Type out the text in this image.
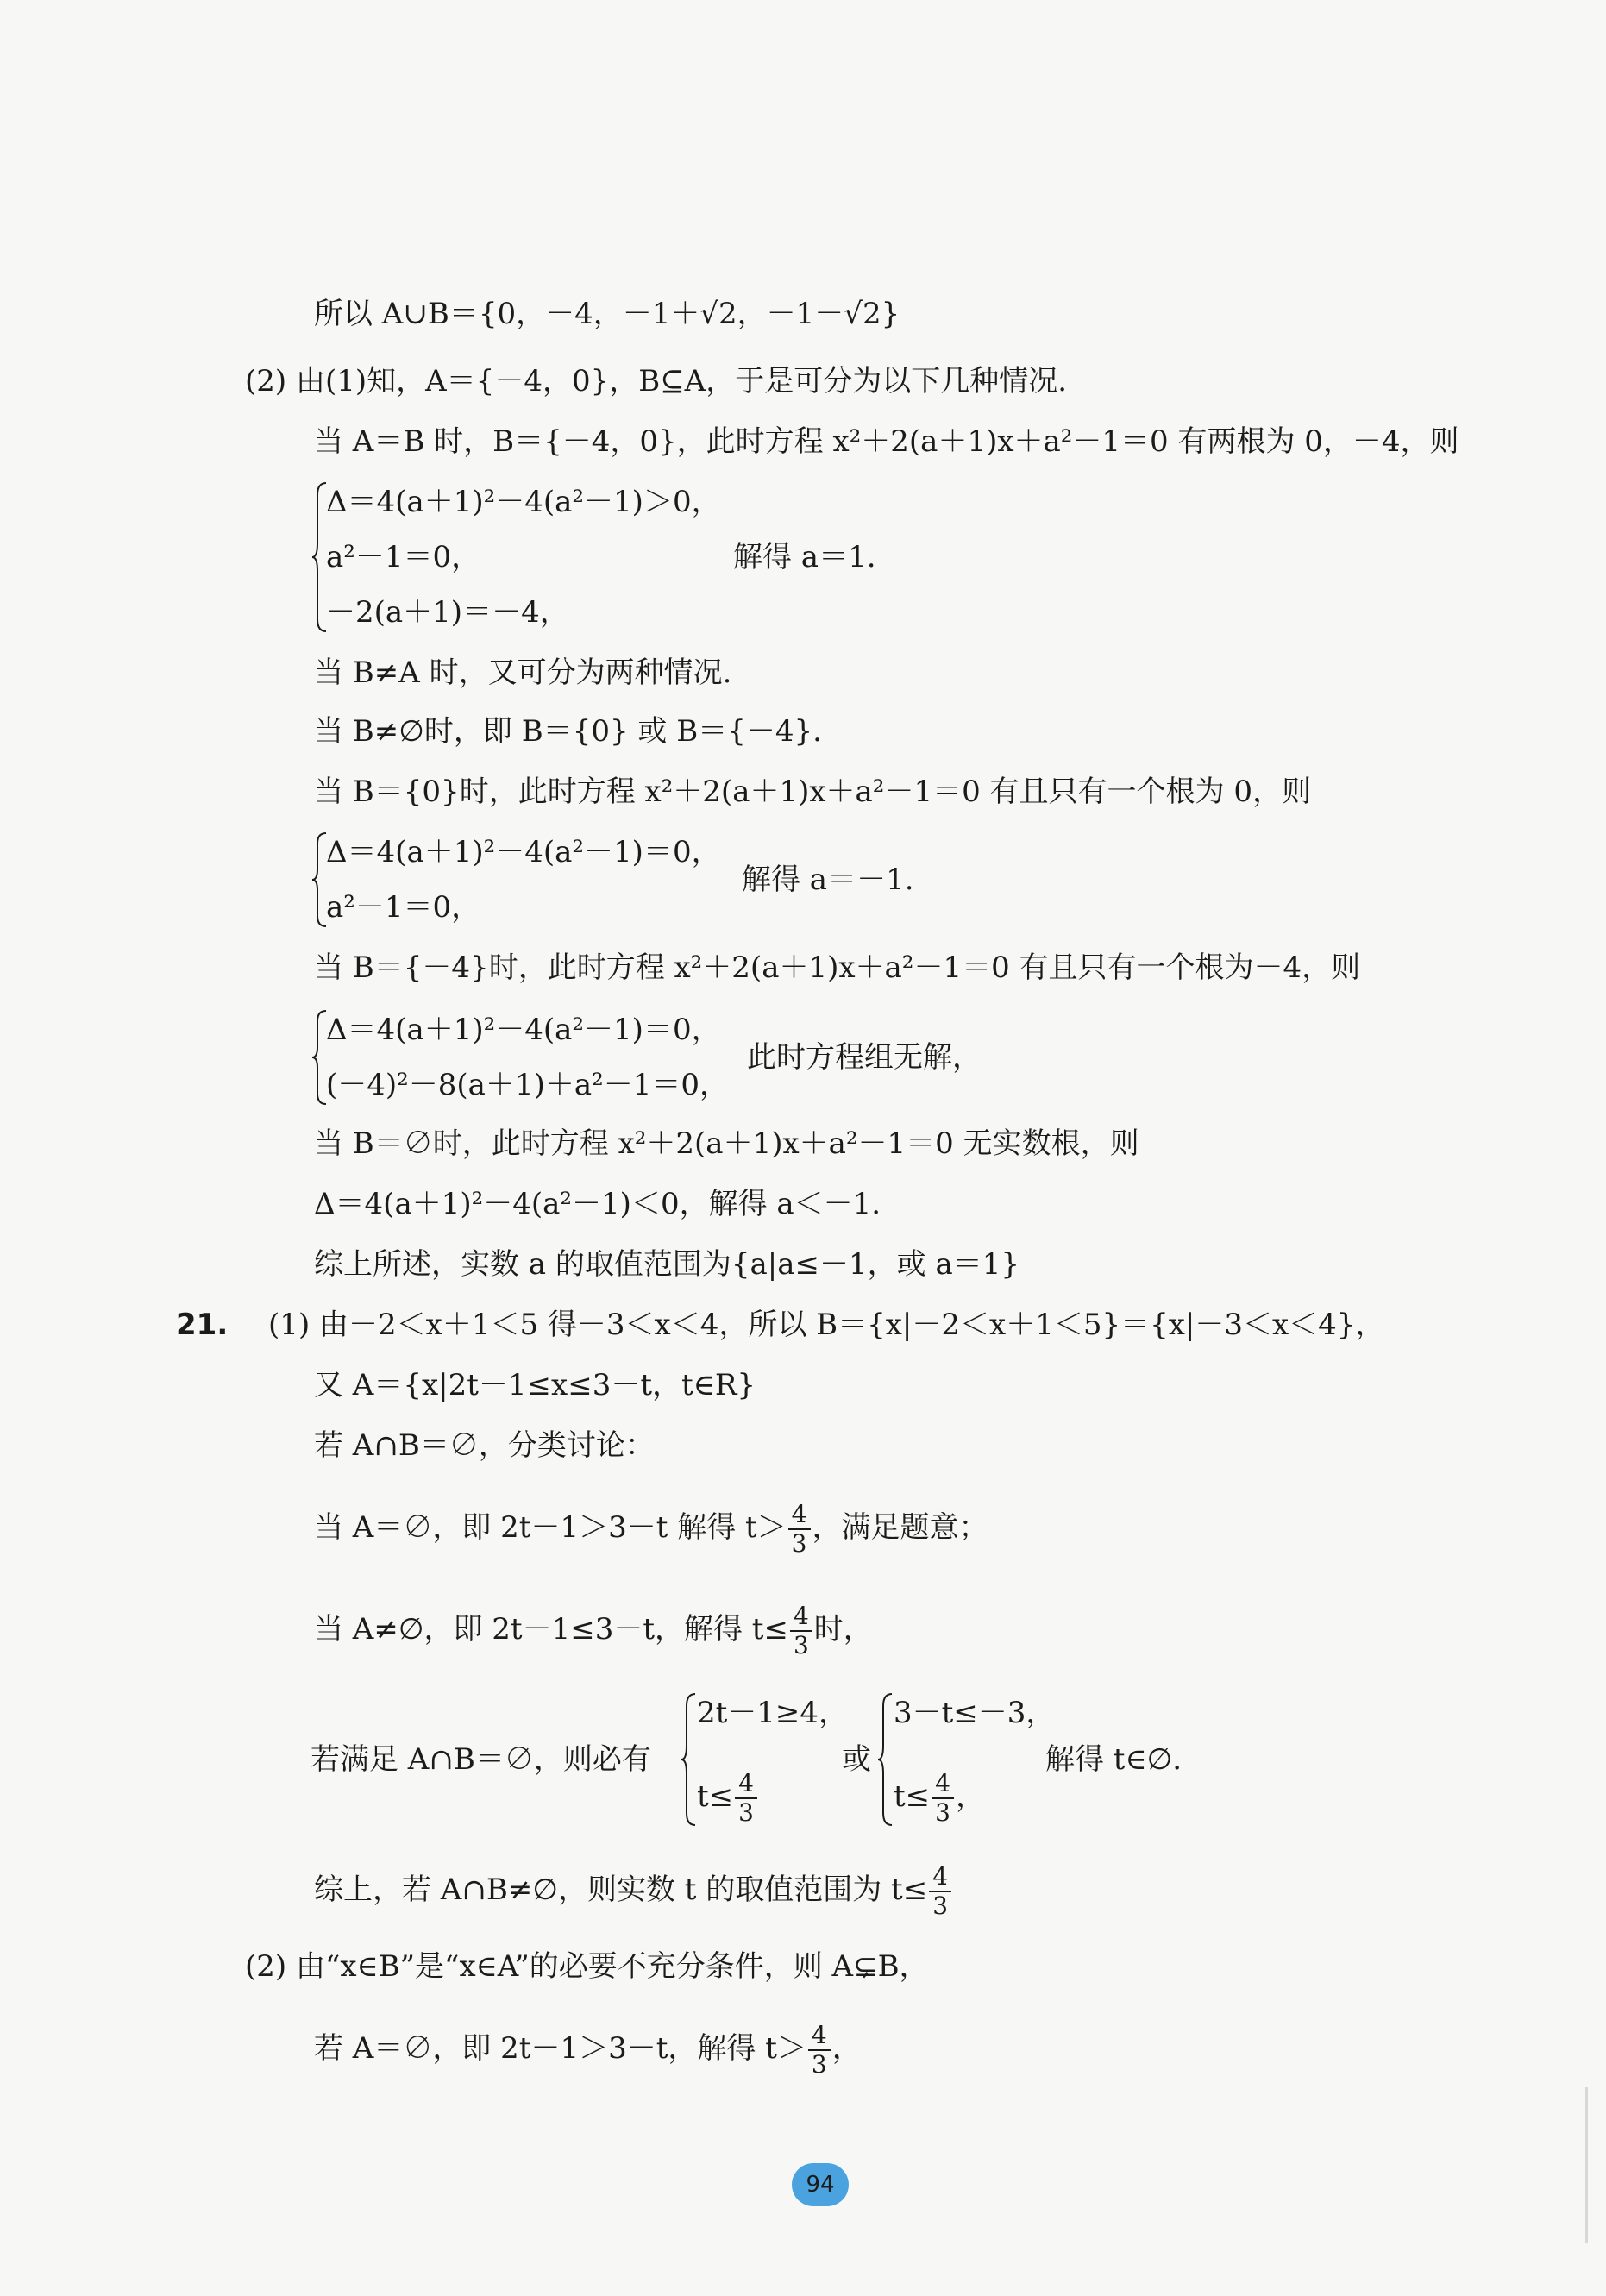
所以 A∪B＝{0，－4，－1＋√2，－1－√2}
(2) 由(1)知，A＝{－4，0}，B⊆A，于是可分为以下几种情况.
当 A＝B 时，B＝{－4，0}，此时方程 x²＋2(a＋1)x＋a²－1＝0 有两根为 0，－4，则
Δ＝4(a＋1)²－4(a²－1)＞0，
a²－1＝0，
－2(a＋1)＝－4，
解得 a＝1.
当 B≠A 时，又可分为两种情况.
当 B≠∅时，即 B＝{0} 或 B＝{－4}.
当 B＝{0}时，此时方程 x²＋2(a＋1)x＋a²－1＝0 有且只有一个根为 0，则
Δ＝4(a＋1)²－4(a²－1)＝0，
a²－1＝0，
解得 a＝－1.
当 B＝{－4}时，此时方程 x²＋2(a＋1)x＋a²－1＝0 有且只有一个根为－4，则
Δ＝4(a＋1)²－4(a²－1)＝0，
(－4)²－8(a＋1)＋a²－1＝0，
此时方程组无解，
当 B＝∅时，此时方程 x²＋2(a＋1)x＋a²－1＝0 无实数根，则
Δ＝4(a＋1)²－4(a²－1)＜0，解得 a＜－1.
综上所述，实数 a 的取值范围为{a|a≤－1，或 a＝1}
21. (1) 由－2＜x＋1＜5 得－3＜x＜4，所以 B＝{x|－2＜x＋1＜5}＝{x|－3＜x＜4}，
又 A＝{x|2t－1≤x≤3－t，t∈R}
若 A∩B＝∅，分类讨论：
当 A＝∅，即 2t－1＞3－t 解得 $t> \frac{4}{3}$ ，满足题意；
当 A≠∅，即 2t－1≤3－t，解得 $t\le \frac{4}{3}$ 时，
若满足 A∩B＝∅，则必有
2t－1≥4，
$t\le \frac{4}{3}$
或
3－t≤－3，
$t\le \frac{4}{3}$ ，
解得 t∈∅.
综上，若 A∩B≠∅，则实数 t 的取值范围为 $t\le \frac{4}{3}$
(2) 由“x∈B”是“x∈A”的必要不充分条件，则 A⊊B，
若 A＝∅，即 2t－1＞3－t，解得 $t> \frac{4}{3}$ ，
94
